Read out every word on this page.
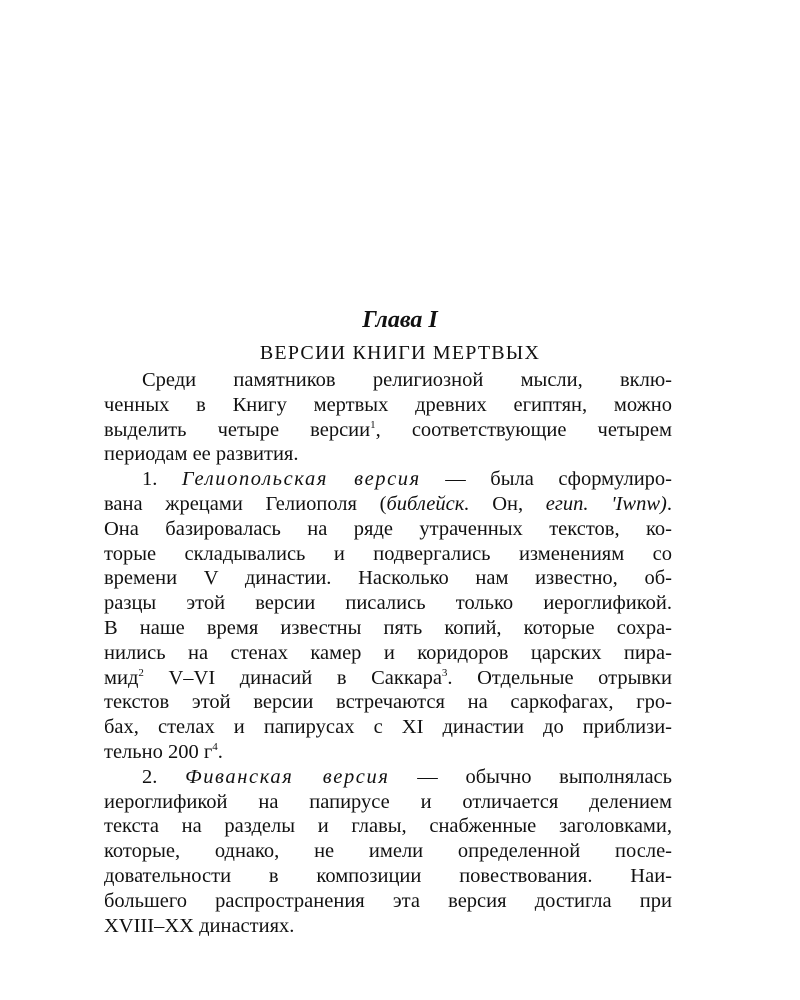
Глава I
ВЕРСИИ КНИГИ МЕРТВЫХ
Среди памятников религиозной мысли, вклю-
ченных в Книгу мертвых древних египтян, можно
выделить четыре версии$^1$, соответствующие четырем
периодам ее развития.
1. Гелиопольская версия — была сформулиро-
вана жрецами Гелиополя (библейск. Он, егип. 'Iwnw).
Она базировалась на ряде утраченных текстов, ко-
торые складывались и подвергались изменениям со
времени V династии. Насколько нам известно, об-
разцы этой версии писались только иероглификой.
В наше время известны пять копий, которые сохра-
нились на стенах камер и коридоров царских пира-
мид$^2$ V–VI динасий в Саккара$^3$. Отдельные отрывки
текстов этой версии встречаются на саркофагах, гро-
бах, стелах и папирусах с XI династии до приблизи-
тельно 200 $г^4$.
2. Фиванская версия — обычно выполнялась
иероглификой на папирусе и отличается делением
текста на разделы и главы, снабженные заголовками,
которые, однако, не имели определенной после-
довательности в композиции повествования. Наи-
большего распространения эта версия достигла при
XVIII–XX династиях.
